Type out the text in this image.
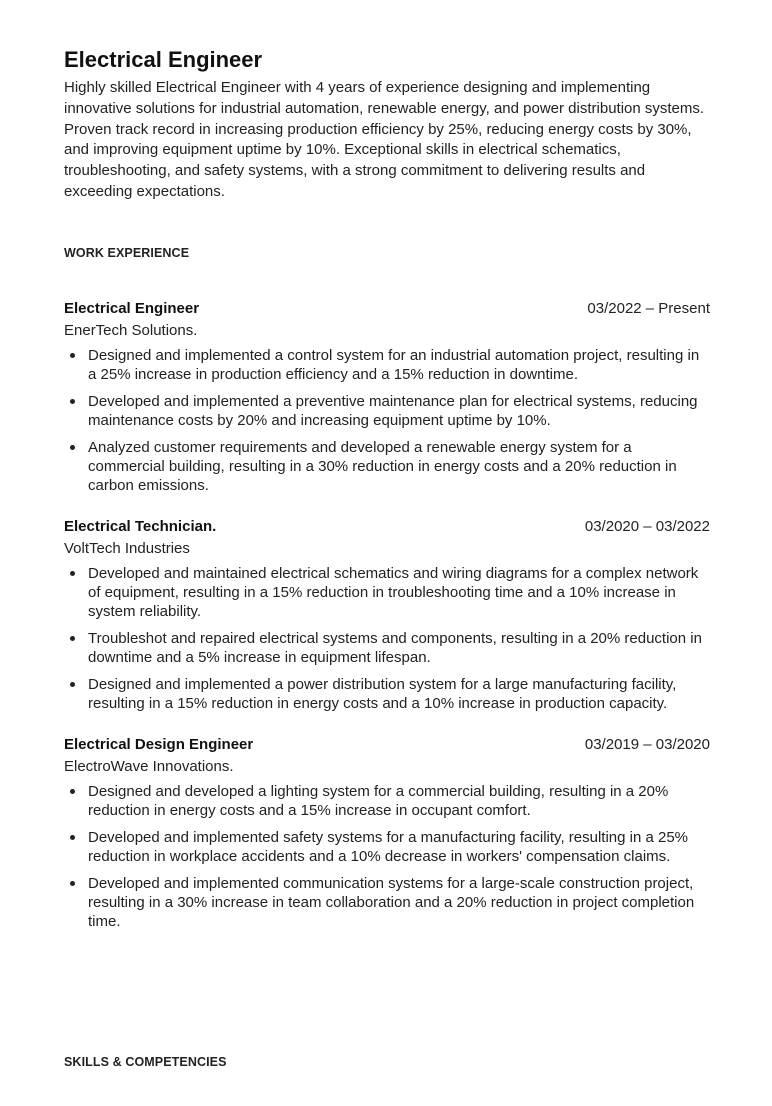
Electrical Engineer

Highly skilled Electrical Engineer with 4 years of experience designing and implementing innovative solutions for industrial automation, renewable energy, and power distribution systems. Proven track record in increasing production efficiency by 25%, reducing energy costs by 30%, and improving equipment uptime by 10%. Exceptional skills in electrical schematics, troubleshooting, and safety systems, with a strong commitment to delivering results and exceeding expectations.

WORK EXPERIENCE
Electrical Engineer	03/2022 – Present
EnerTech Solutions.
Designed and implemented a control system for an industrial automation project, resulting in a 25% increase in production efficiency and a 15% reduction in downtime.
Developed and implemented a preventive maintenance plan for electrical systems, reducing maintenance costs by 20% and increasing equipment uptime by 10%.
Analyzed customer requirements and developed a renewable energy system for a commercial building, resulting in a 30% reduction in energy costs and a 20% reduction in carbon emissions.
Electrical Technician.	03/2020 – 03/2022
VoltTech Industries
Developed and maintained electrical schematics and wiring diagrams for a complex network of equipment, resulting in a 15% reduction in troubleshooting time and a 10% increase in system reliability.
Troubleshot and repaired electrical systems and components, resulting in a 20% reduction in downtime and a 5% increase in equipment lifespan.
Designed and implemented a power distribution system for a large manufacturing facility, resulting in a 15% reduction in energy costs and a 10% increase in production capacity.
Electrical Design Engineer	03/2019 – 03/2020
ElectroWave Innovations.
Designed and developed a lighting system for a commercial building, resulting in a 20% reduction in energy costs and a 15% increase in occupant comfort.
Developed and implemented safety systems for a manufacturing facility, resulting in a 25% reduction in workplace accidents and a 10% decrease in workers' compensation claims.
Developed and implemented communication systems for a large-scale construction project, resulting in a 30% increase in team collaboration and a 20% reduction in project completion time.
SKILLS & COMPETENCIES
